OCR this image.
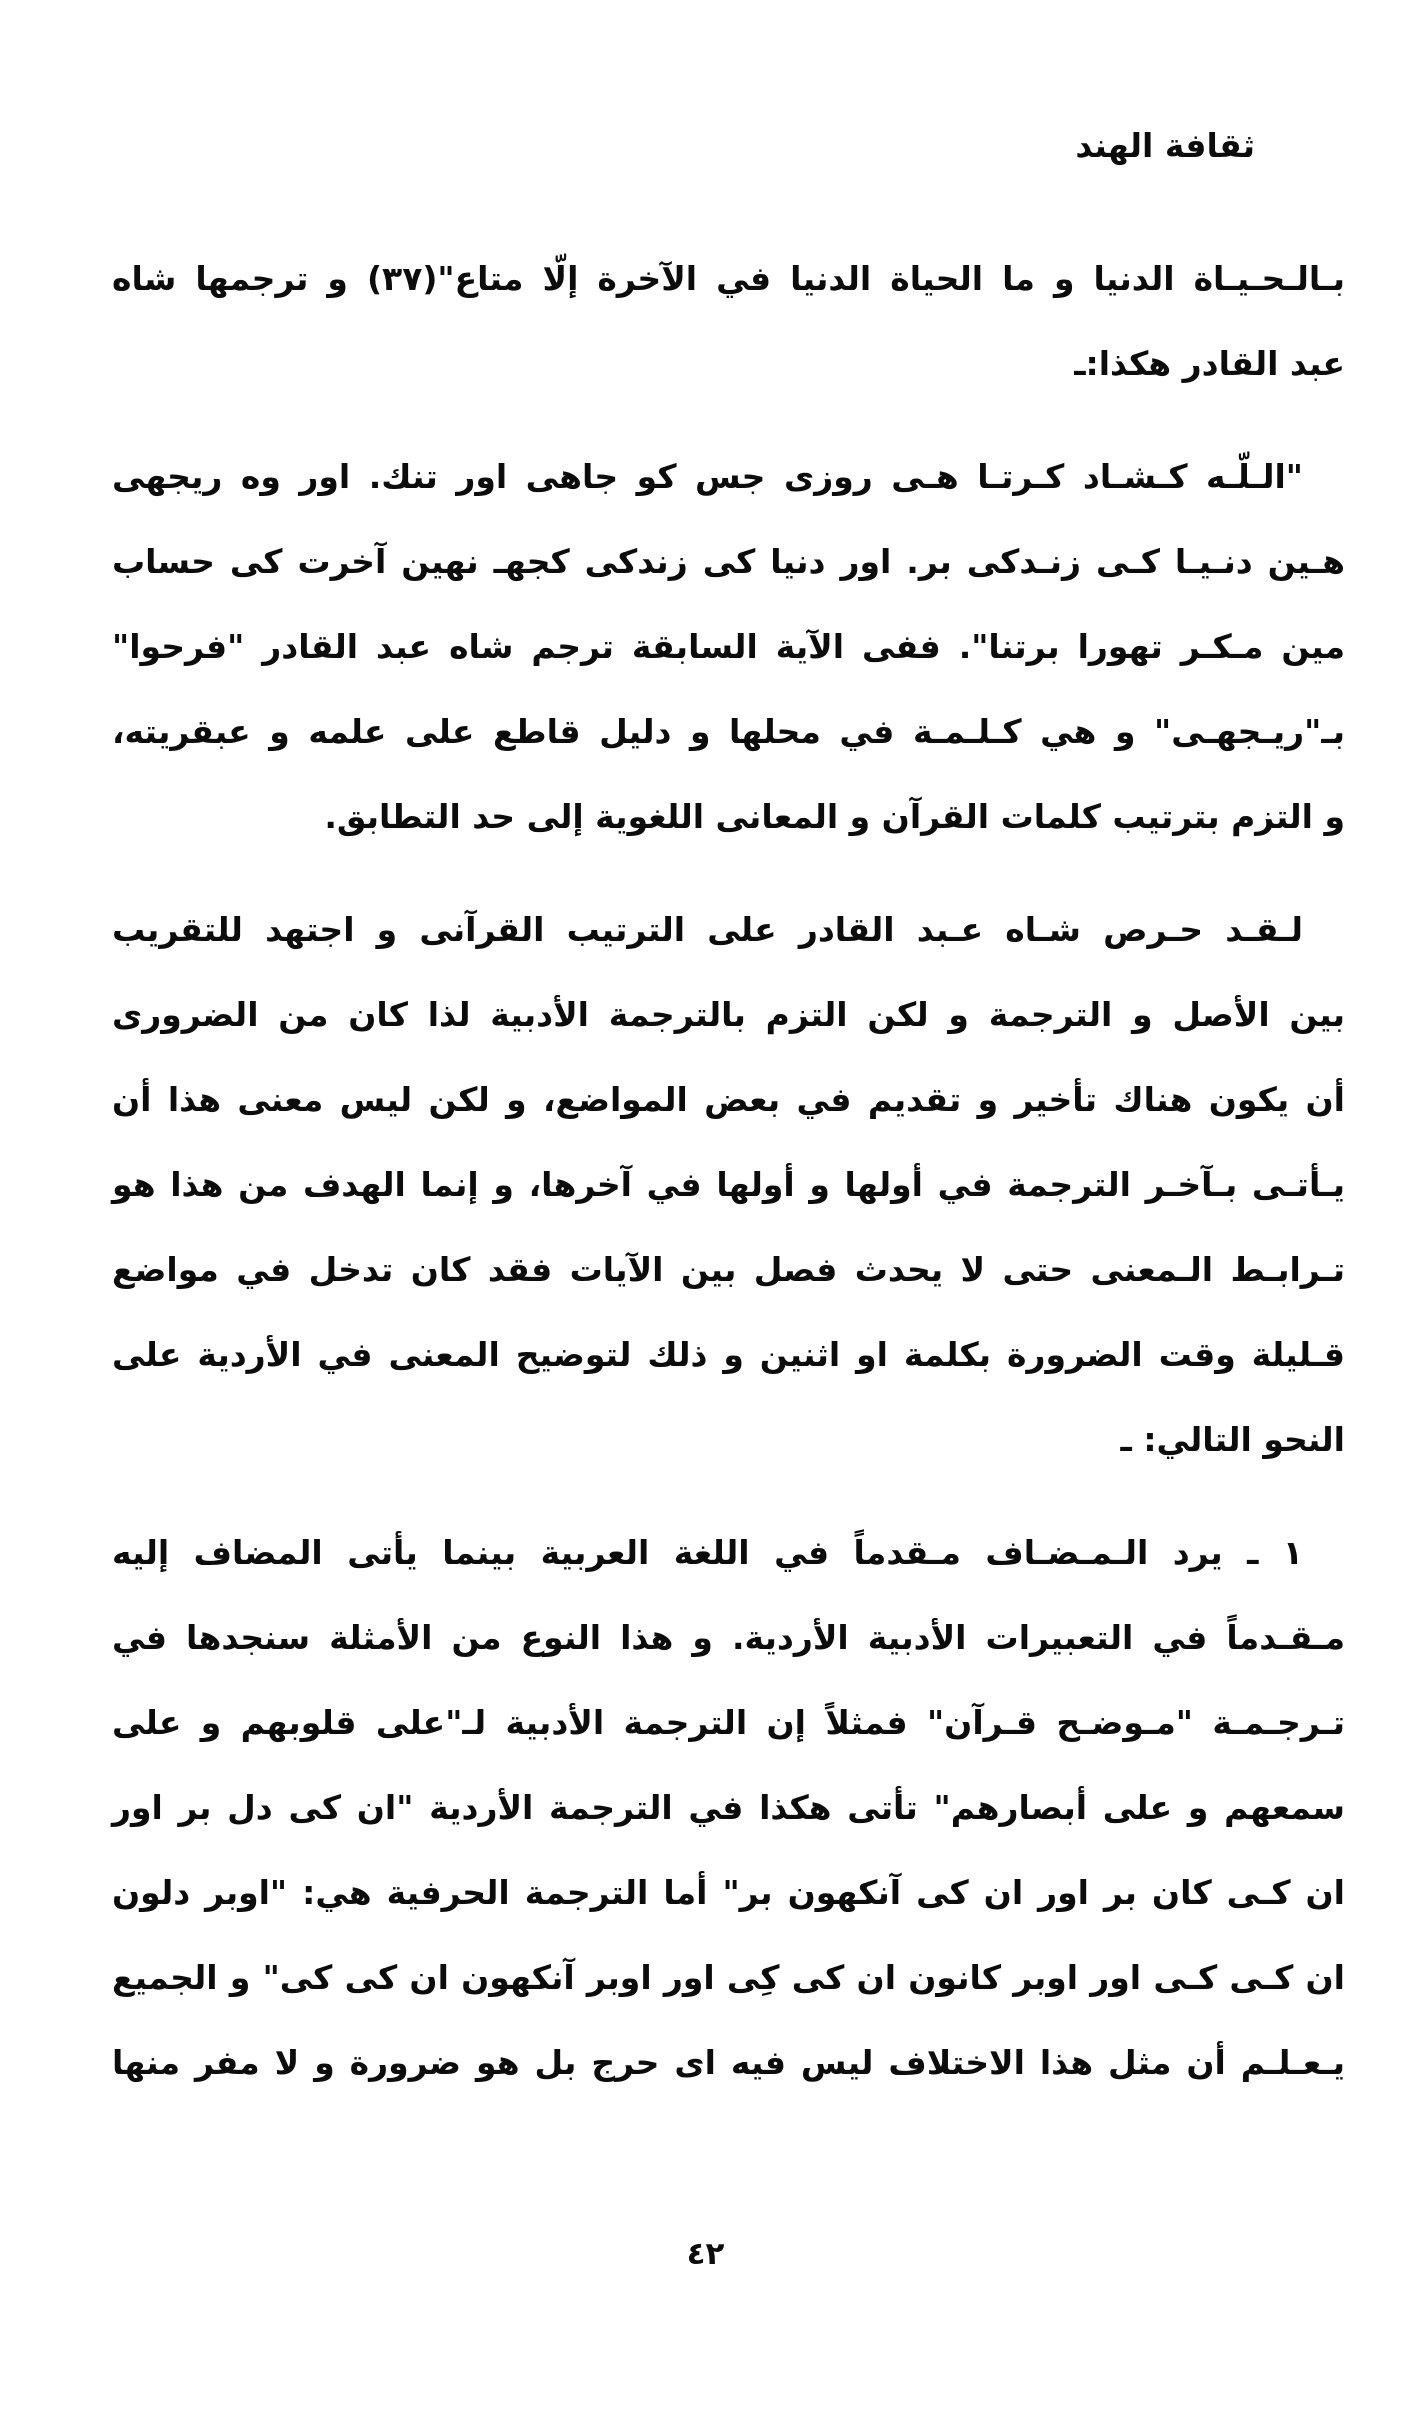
ثقافة الهند
بـالـحـيـاة الدنيا و ما الحياة الدنيا في الآخرة إلّا متاع"(٣٧) و ترجمها شاه
عبد القادر هكذا:ـ
"الـلّـه كـشـاد كـرتـا هـى روزى جس كو جاهى اور تنك. اور وه ريجهى
هـين دنـيـا كـى زنـدكى بر. اور دنيا كى زندكى كجهـ نهين آخرت كى حساب
مين مـكـر تهورا برتنا". ففى الآية السابقة ترجم شاه عبد القادر "فرحوا"
بـ"ريـجهـى" و هي كـلـمـة في محلها و دليل قاطع على علمه و عبقريته،
و التزم بترتيب كلمات القرآن و المعانى اللغوية إلى حد التطابق.
لـقـد حـرص شـاه عـبد القادر على الترتيب القرآنى و اجتهد للتقريب
بين الأصل و الترجمة و لكن التزم بالترجمة الأدبية لذا كان من الضرورى
أن يكون هناك تأخير و تقديم في بعض المواضع، و لكن ليس معنى هذا أن
يـأتـى بـآخـر الترجمة في أولها و أولها في آخرها، و إنما الهدف من هذا هو
تـرابـط الـمعنى حتى لا يحدث فصل بين الآيات فقد كان تدخل في مواضع
قـليلة وقت الضرورة بكلمة او اثنين و ذلك لتوضيح المعنى في الأردية على
النحو التالي: ـ
١ ـ يرد الـمـضـاف مـقدماً في اللغة العربية بينما يأتى المضاف إليه
مـقـدماً في التعبيرات الأدبية الأردية. و هذا النوع من الأمثلة سنجدها في
تـرجـمـة "مـوضـح قـرآن" فمثلاً إن الترجمة الأدبية لـ"على قلوبهم و على
سمعهم و على أبصارهم" تأتى هكذا في الترجمة الأردية "ان كى دل بر اور
ان كـى كان بر اور ان كى آنكهون بر" أما الترجمة الحرفية هي: "اوبر دلون
ان كـى كـى اور اوبر كانون ان كى كِى اور اوبر آنكهون ان كى كى" و الجميع
يـعـلـم أن مثل هذا الاختلاف ليس فيه اى حرج بل هو ضرورة و لا مفر منها
٤٢
